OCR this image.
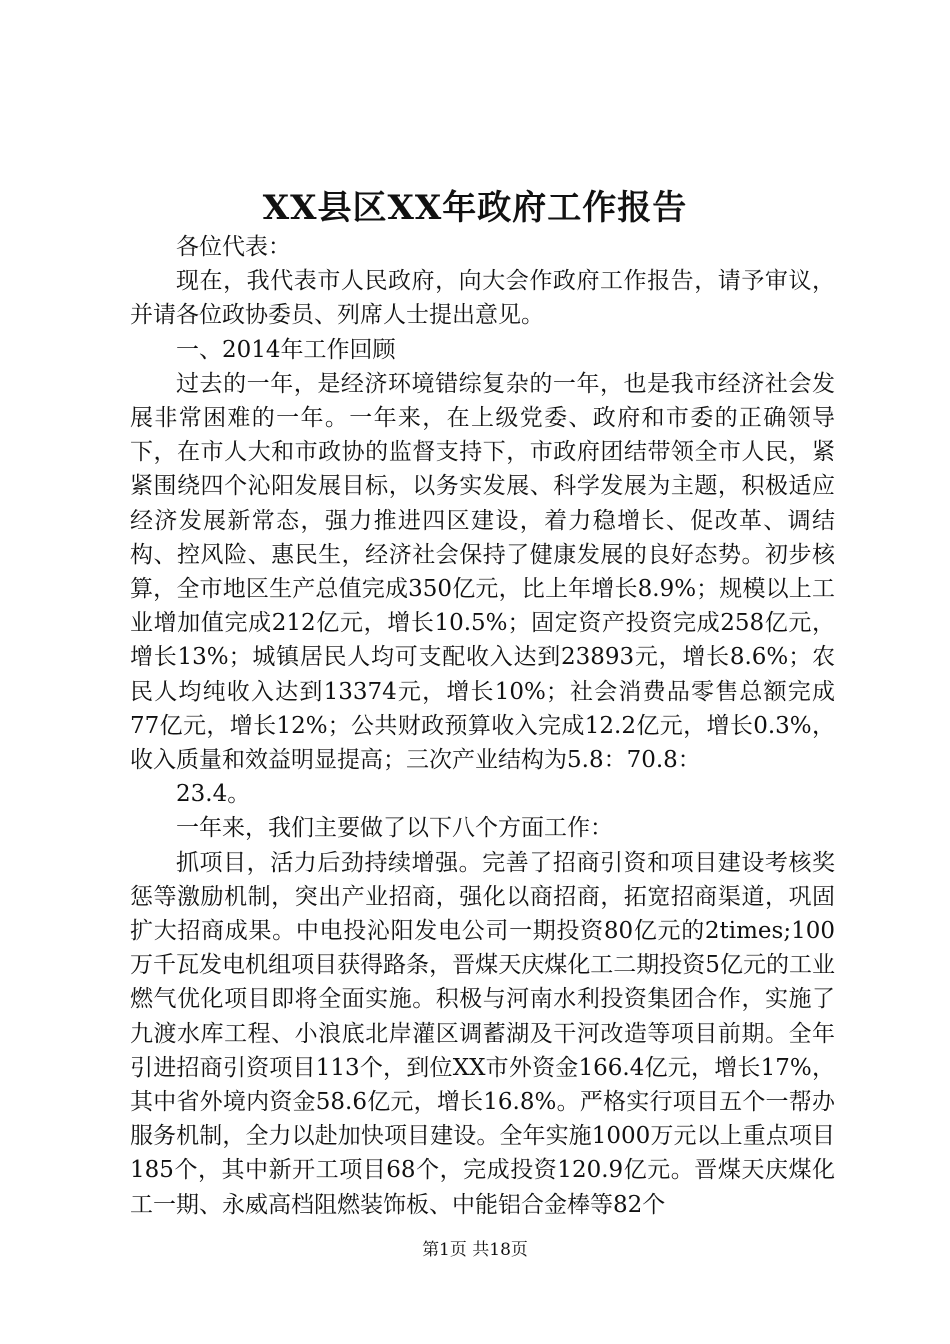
XX县区XX年政府工作报告

各位代表：

现在，我代表市人民政府，向大会作政府工作报告，请予审议，并请各位政协委员、列席人士提出意见。

一、2014年工作回顾

过去的一年，是经济环境错综复杂的一年，也是我市经济社会发展非常困难的一年。一年来，在上级党委、政府和市委的正确领导下，在市人大和市政协的监督支持下，市政府团结带领全市人民，紧紧围绕四个沁阳发展目标，以务实发展、科学发展为主题，积极适应经济发展新常态，强力推进四区建设，着力稳增长、促改革、调结构、控风险、惠民生，经济社会保持了健康发展的良好态势。初步核算，全市地区生产总值完成350亿元，比上年增长8.9%；规模以上工业增加值完成212亿元，增长10.5%；固定资产投资完成258亿元，增长13%；城镇居民人均可支配收入达到23893元，增长8.6%；农民人均纯收入达到13374元，增长10%；社会消费品零售总额完成77亿元，增长12%；公共财政预算收入完成12.2亿元，增长0.3%，收入质量和效益明显提高；三次产业结构为5.8：70.8：

23.4。

一年来，我们主要做了以下八个方面工作：

抓项目，活力后劲持续增强。完善了招商引资和项目建设考核奖惩等激励机制，突出产业招商，强化以商招商，拓宽招商渠道，巩固扩大招商成果。中电投沁阳发电公司一期投资80亿元的2times;100万千瓦发电机组项目获得路条，晋煤天庆煤化工二期投资5亿元的工业燃气优化项目即将全面实施。积极与河南水利投资集团合作，实施了九渡水库工程、小浪底北岸灌区调蓄湖及干河改造等项目前期。全年引进招商引资项目113个，到位XX市外资金166.4亿元，增长17%，其中省外境内资金58.6亿元，增长16.8%。严格实行项目五个一帮办服务机制，全力以赴加快项目建设。全年实施1000万元以上重点项目185个，其中新开工项目68个，完成投资120.9亿元。晋煤天庆煤化工一期、永威高档阻燃装饰板、中能铝合金棒等82个

第1页 共18页
